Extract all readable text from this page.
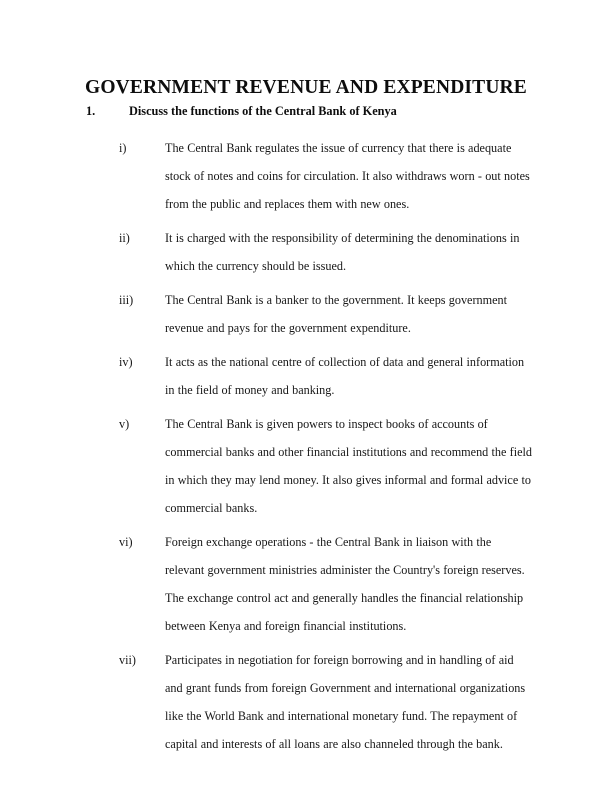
GOVERNMENT REVENUE AND EXPENDITURE
1.	Discuss the functions of the Central Bank of Kenya
i)	The Central Bank regulates the issue of currency that there is adequate
stock of notes and coins for circulation. It also withdraws worn - out notes
from the public and replaces them with new ones.
ii)	It is charged with the responsibility of determining the denominations in
which the currency should be issued.
iii)	The Central Bank is a banker to the government. It keeps government
revenue and pays for the government expenditure.
iv)	It acts as the national centre of collection of data and general information
in the field of money and banking.
v)	The Central Bank is given powers to inspect books of accounts of
commercial banks and other financial institutions and recommend the field
in which they may lend money. It also gives informal and formal advice to
commercial banks.
vi)	Foreign exchange operations - the Central Bank in liaison with the
relevant government ministries administer the Country's foreign reserves.
The exchange control act and generally handles the financial relationship
between Kenya and foreign financial institutions.
vii)	Participates in negotiation for foreign borrowing and in handling of aid
and grant funds from foreign Government and international organizations
like the World Bank and international monetary fund. The repayment of
capital and interests of all loans are also channeled through the bank.
